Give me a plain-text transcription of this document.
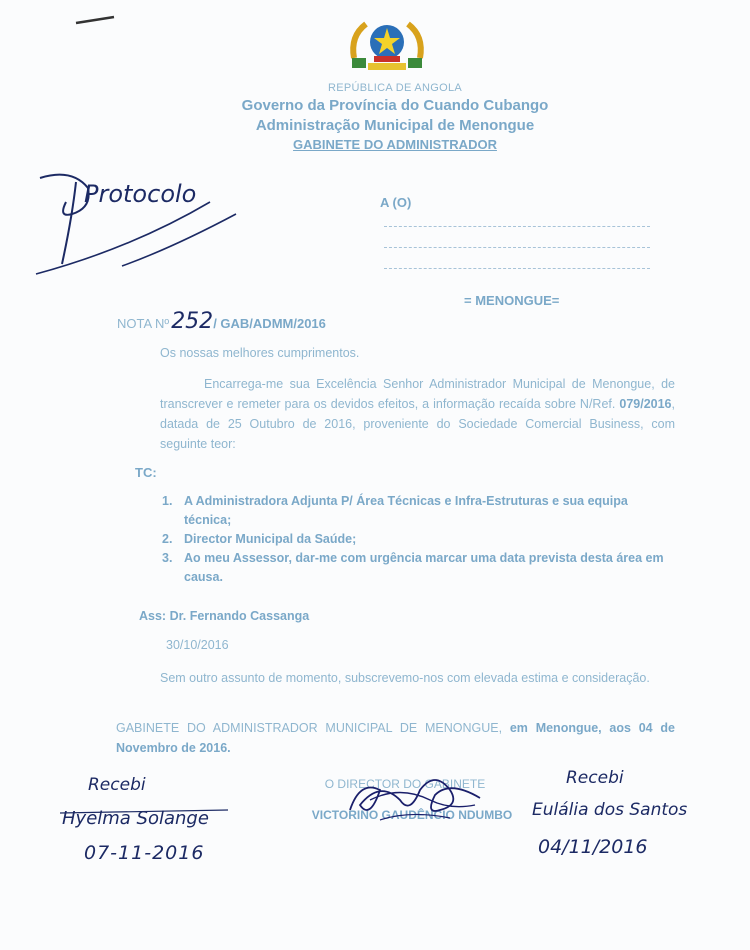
REPÚBLICA DE ANGOLA
Governo da Província do Cuando Cubango
Administração Municipal de Menongue
GABINETE DO ADMINISTRADOR
Protocolo	A (O)
= MENONGUE=
NOTA Nº252/ GAB/ADMM/2016
Os nossas melhores cumprimentos.
Encarrega-me sua Excelência Senhor Administrador Municipal de Menongue, de transcrever e remeter para os devidos efeitos, a informação recaída sobre N/Ref. 079/2016, datada de 25 Outubro de 2016, proveniente do Sociedade Comercial Business, com seguinte teor:
TC:
1. A Administradora Adjunta P/ Área Técnicas e Infra-Estruturas e sua equipa técnica;
2. Director Municipal da Saúde;
3. Ao meu Assessor, dar-me com urgência marcar uma data prevista desta área em causa.
Ass: Dr. Fernando Cassanga
30/10/2016
Sem outro assunto de momento, subscrevemo-nos com elevada estima e consideração.
GABINETE DO ADMINISTRADOR MUNICIPAL DE MENONGUE, em Menongue, aos 04 de Novembro de 2016.
O DIRECTOR DO GABINETE
VICTORINO GAUDÊNCIO NDUMBO
Recebi
Hyelma Solange
07-11-2016
Recebi
Eulália dos Santos
04/11/2016
